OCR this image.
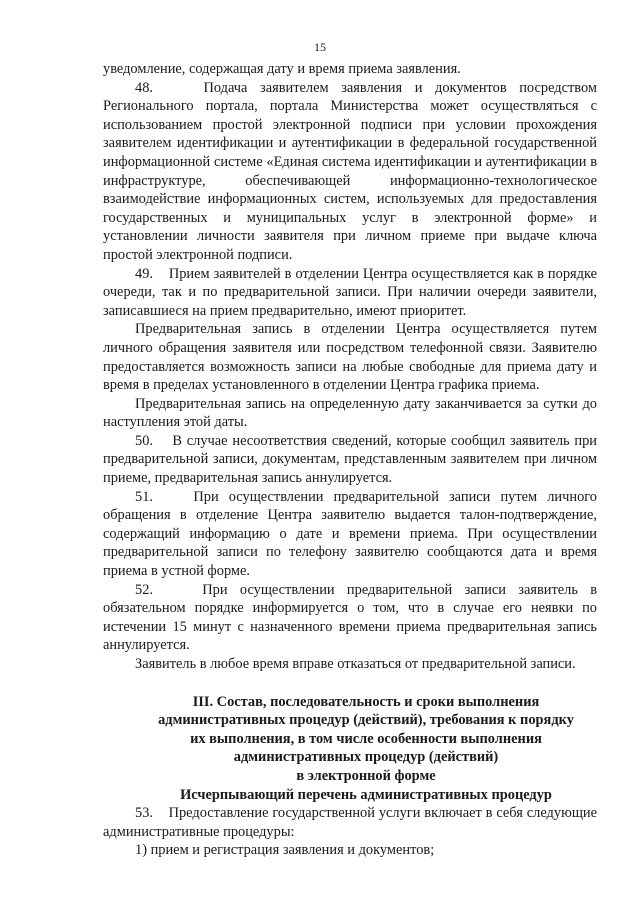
15

уведомление, содержащая дату и время приема заявления.

48.    Подача заявителем заявления и документов посредством Регионального портала, портала Министерства может осуществляться с использованием простой электронной подписи при условии прохождения заявителем идентификации и аутентификации в федеральной государственной информационной системе «Единая система идентификации и аутентификации в инфраструктуре, обеспечивающей информационно-технологическое взаимодействие информационных систем, используемых для предоставления государственных и муниципальных услуг в электронной форме» и установлении личности заявителя при личном приеме при выдаче ключа простой электронной подписи.

49.    Прием заявителей в отделении Центра осуществляется как в порядке очереди, так и по предварительной записи. При наличии очереди заявители, записавшиеся на прием предварительно, имеют приоритет.

Предварительная запись в отделении Центра осуществляется путем личного обращения заявителя или посредством телефонной связи. Заявителю предоставляется возможность записи на любые свободные для приема дату и время в пределах установленного в отделении Центра графика приема.

Предварительная запись на определенную дату заканчивается за сутки до наступления этой даты.

50.    В случае несоответствия сведений, которые сообщил заявитель при предварительной записи, документам, представленным заявителем при личном приеме, предварительная запись аннулируется.

51.    При осуществлении предварительной записи путем личного обращения в отделение Центра заявителю выдается талон-подтверждение, содержащий информацию о дате и времени приема. При осуществлении предварительной записи по телефону заявителю сообщаются дата и время приема в устной форме.

52.    При осуществлении предварительной записи заявитель в обязательном порядке информируется о том, что в случае его неявки по истечении 15 минут с назначенного времени приема предварительная запись аннулируется.

Заявитель в любое время вправе отказаться от предварительной записи.

III. Состав, последовательность и сроки выполнения

административных процедур (действий), требования к порядку

их выполнения, в том числе особенности выполнения

административных процедур (действий)

в электронной форме

Исчерпывающий перечень административных процедур

53.    Предоставление государственной услуги включает в себя следующие административные процедуры:

1) прием и регистрация заявления и документов;
